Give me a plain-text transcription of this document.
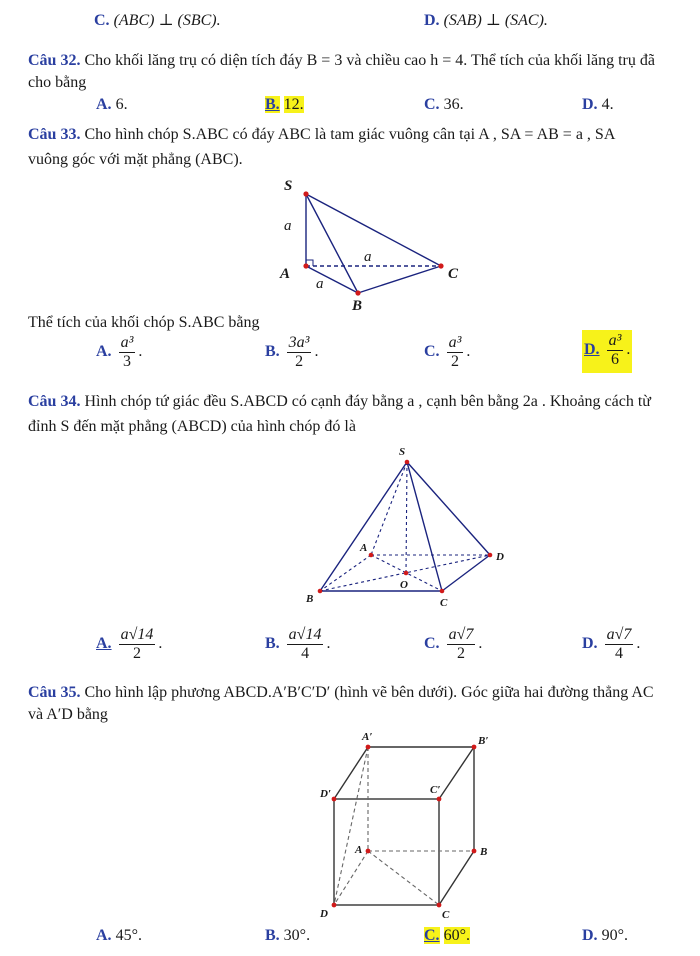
C. (ABC) ⊥ (SBC).	D. (SAB) ⊥ (SAC).
Câu 32. Cho khối lăng trụ có diện tích đáy B = 3 và chiều cao h = 4. Thể tích của khối lăng trụ đã
cho bằng
A. 6.	B. 12.	C. 36.	D. 4.
Câu 33. Cho hình chóp S.ABC có đáy ABC là tam giác vuông cân tại A , SA = AB = a , SA
vuông góc với mặt phẳng (ABC).
S
A
B
C
a
a
a
Thể tích của khối chóp S.ABC bằng
A. $\frac{\text{a³}}{3}$ .	B. $\frac{\text{3a³}}{2}$ .	C. $\frac{\text{a³}}{2}$ .	D. $\frac{\text{a³}}{6}$ .
Câu 34. Hình chóp tứ giác đều S.ABCD có cạnh đáy bằng a , cạnh bên bằng 2a . Khoảng cách từ
đỉnh S đến mặt phẳng (ABCD) của hình chóp đó là
S
A
B	C
D
O
A. $\frac{a√14}{2}$ .	B. $\frac{a√14}{4}$ .	C. $\frac{a√7}{2}$ .	D. $\frac{a√7}{4}$ .
Câu 35. Cho hình lập phương ABCD.A′B′C′D′ (hình vẽ bên dưới). Góc giữa hai đường thẳng AC
và A′D bằng
A′	B′
C′
D′
A	B
C
D
A. 45°.	B. 30°.	C. 60°.	D. 90°.
